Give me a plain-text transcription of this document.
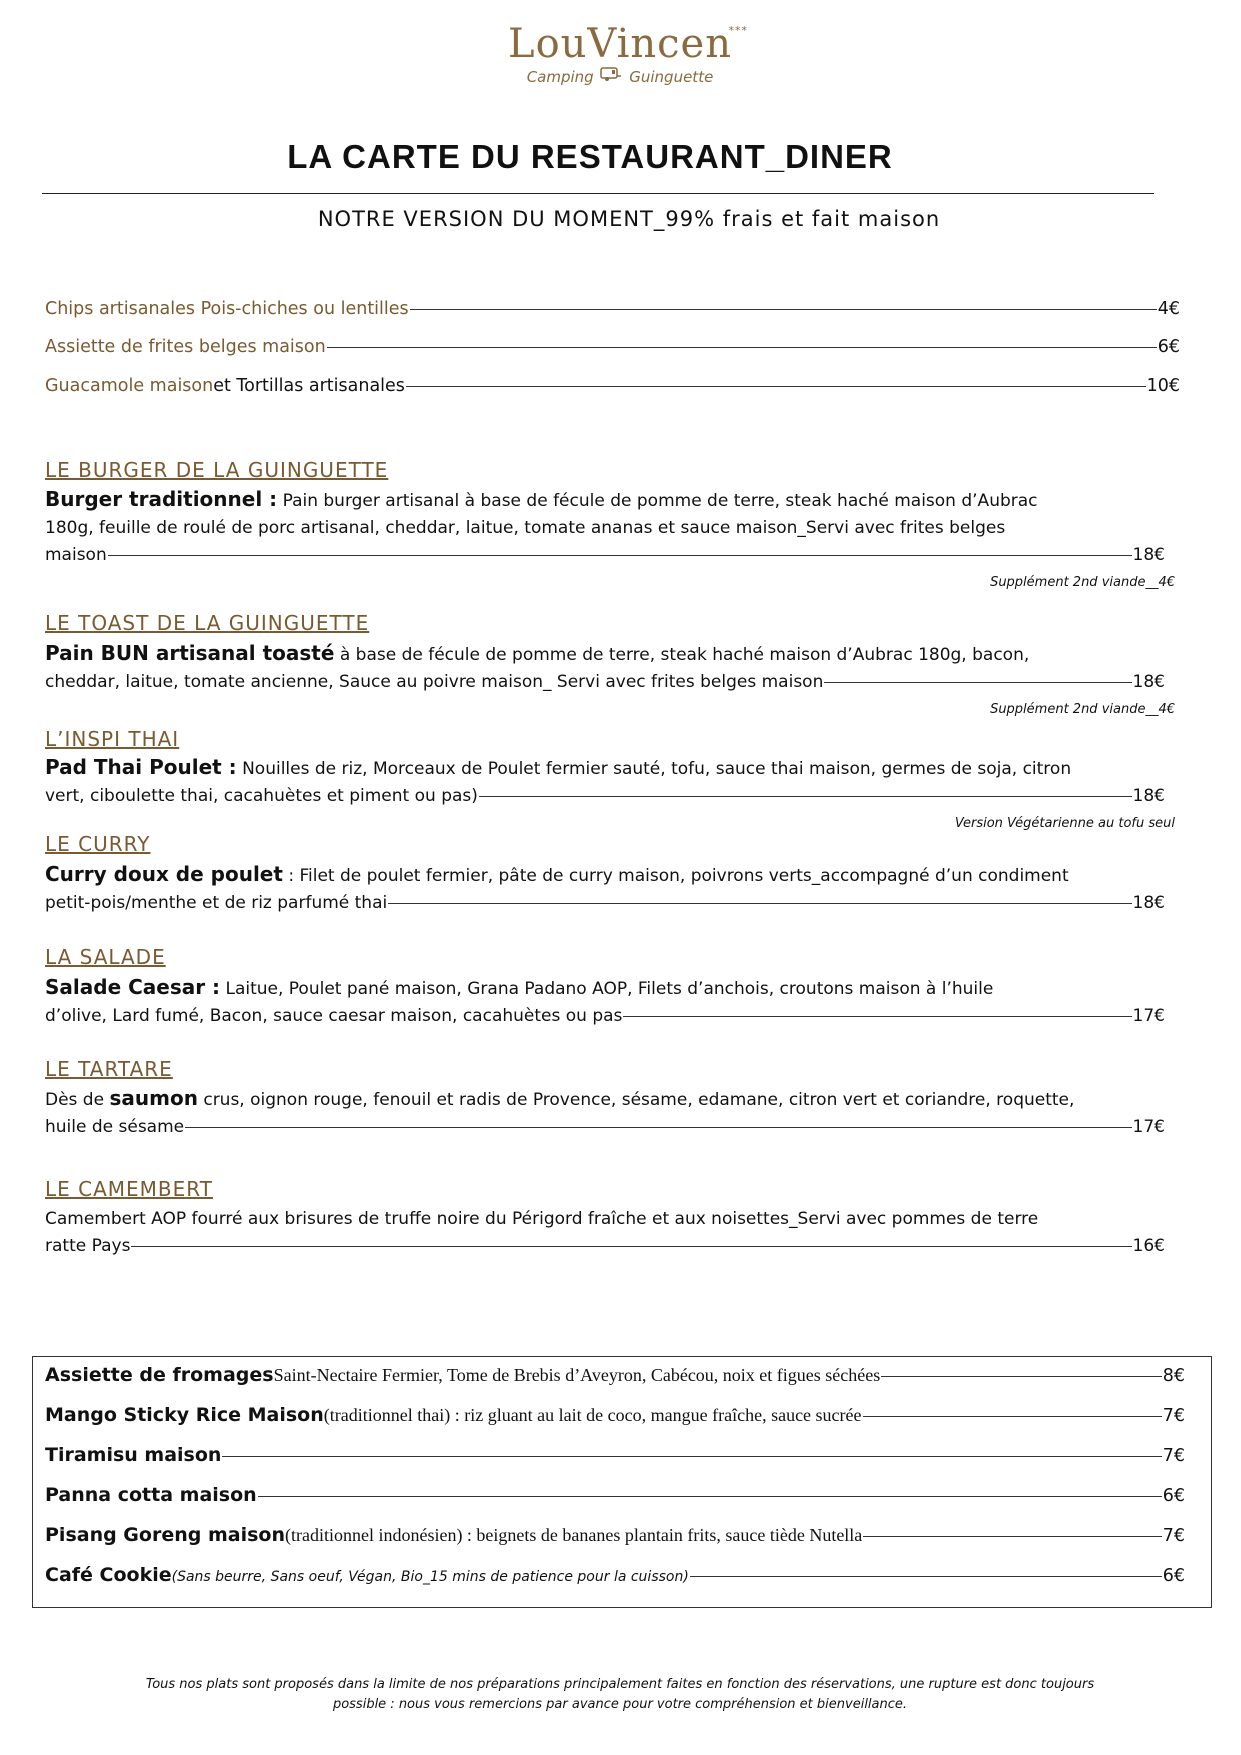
LouVincen
***
Camping Guinguette
LA CARTE DU RESTAURANT_DINER
NOTRE VERSION DU MOMENT_99% frais et fait maison
Chips artisanales Pois-chiches ou lentilles	4€
Assiette de frites belges maison	6€
Guacamole maison et Tortillas artisanales	10€
LE BURGER DE LA GUINGUETTE
Burger traditionnel : Pain burger artisanal à base de fécule de pomme de terre, steak haché maison d’Aubrac
180g, feuille de roulé de porc artisanal, cheddar, laitue, tomate ananas et sauce maison_Servi avec frites belges
maison	18€
Supplément 2nd viande__4€
LE TOAST DE LA GUINGUETTE
Pain BUN artisanal toasté à base de fécule de pomme de terre, steak haché maison d’Aubrac 180g, bacon,
cheddar, laitue, tomate ancienne, Sauce au poivre maison_ Servi avec frites belges maison	18€
Supplément 2nd viande__4€
L’INSPI THAI
Pad Thai Poulet : Nouilles de riz, Morceaux de Poulet fermier sauté, tofu, sauce thai maison, germes de soja, citron
vert, ciboulette thai, cacahuètes et piment ou pas)	18€
Version Végétarienne au tofu seul
LE CURRY
Curry doux de poulet : Filet de poulet fermier, pâte de curry maison, poivrons verts_accompagné d’un condiment
petit-pois/menthe et de riz parfumé thai	18€
LA SALADE
Salade Caesar : Laitue, Poulet pané maison, Grana Padano AOP, Filets d’anchois, croutons maison à l’huile
d’olive, Lard fumé, Bacon, sauce caesar maison, cacahuètes ou pas	17€
LE TARTARE
Dès de saumon crus, oignon rouge, fenouil et radis de Provence, sésame, edamane, citron vert et coriandre, roquette,
huile de sésame	17€
LE CAMEMBERT
Camembert AOP fourré aux brisures de truffe noire du Périgord fraîche et aux noisettes_Servi avec pommes de terre
ratte Pays	16€
Assiette de fromages Saint-Nectaire Fermier, Tome de Brebis d’Aveyron, Cabécou, noix et figues séchées	8€
Mango Sticky Rice Maison (traditionnel thai) : riz gluant au lait de coco, mangue fraîche, sauce sucrée	7€
Tiramisu maison	7€
Panna cotta maison	6€
Pisang Goreng maison (traditionnel indonésien) : beignets de bananes plantain frits, sauce tiède Nutella	7€
Café Cookie (Sans beurre, Sans oeuf, Végan, Bio_15 mins de patience pour la cuisson)	6€
Tous nos plats sont proposés dans la limite de nos préparations principalement faites en fonction des réservations, une rupture est donc toujours
possible : nous vous remercions par avance pour votre compréhension et bienveillance.
